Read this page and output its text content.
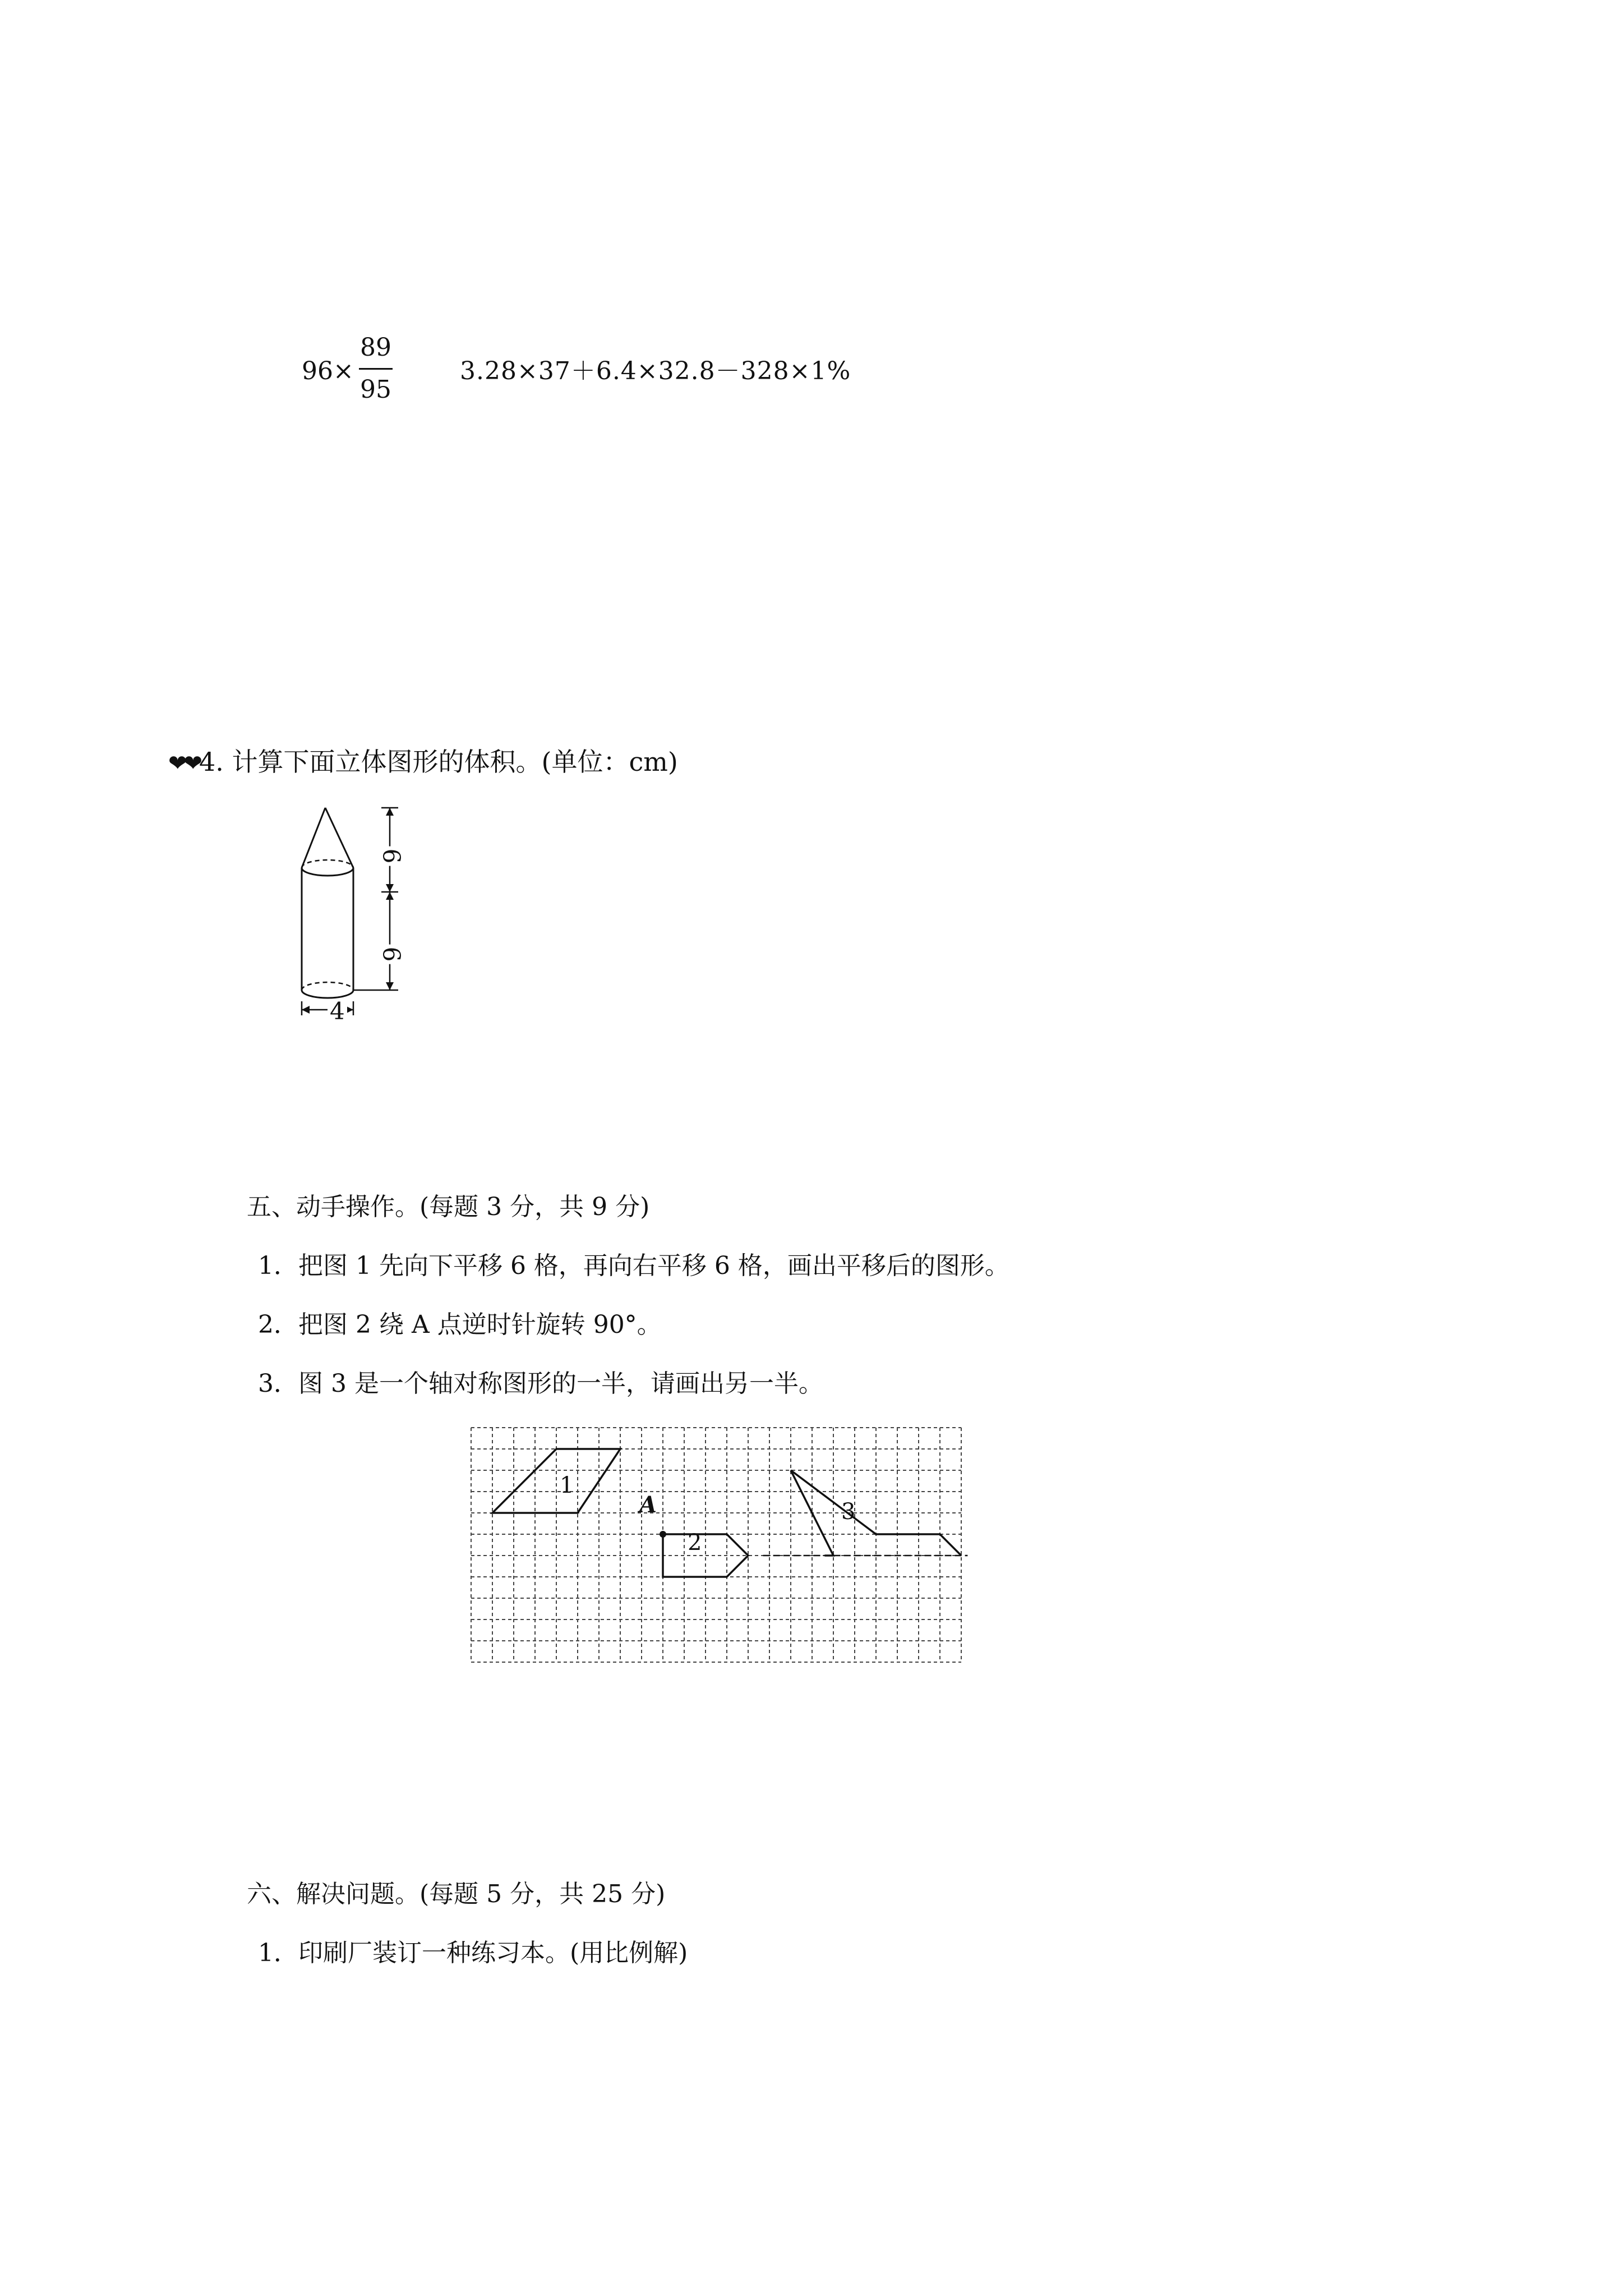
96×
89
95
3.28×37＋6.4×32.8－328×1%
❤❤4. 计算下面立体图形的体积。(单位：cm)
6
6
4
五、动手操作。(每题 3 分，共 9 分)
1．把图 1 先向下平移 6 格，再向右平移 6 格，画出平移后的图形。
2．把图 2 绕 A 点逆时针旋转 90°。
3．图 3 是一个轴对称图形的一半，请画出另一半。
1
2
3
A
六、解决问题。(每题 5 分，共 25 分)
1．印刷厂装订一种练习本。(用比例解)
